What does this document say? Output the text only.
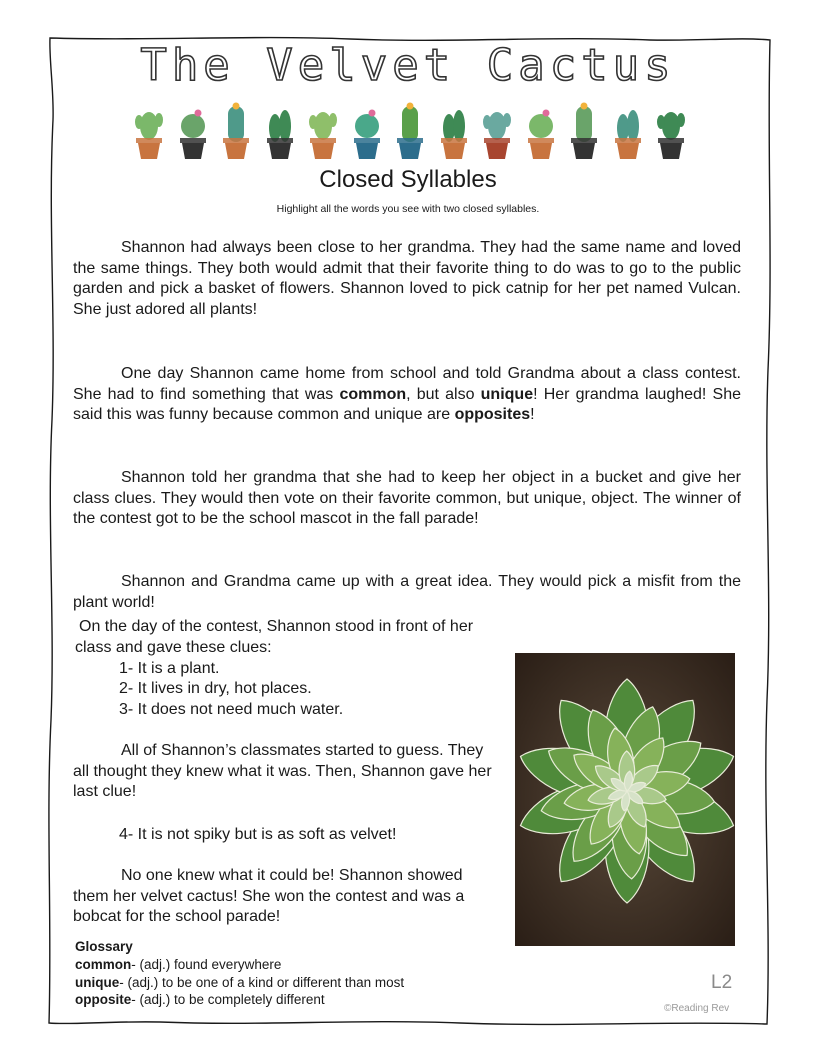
The Velvet Cactus
Closed Syllables
Highlight all the words you see with two closed syllables.

Shannon had always been close to her grandma. They had the same name and loved the same things. They both would admit that their favorite thing to do was to go to the public garden and pick a basket of flowers. Shannon loved to pick catnip for her pet named Vulcan. She just adored all plants!

One day Shannon came home from school and told Grandma about a class contest. She had to find something that was common, but also unique! Her grandma laughed! She said this was funny because common and unique are opposites!

Shannon told her grandma that she had to keep her object in a bucket and give her class clues. They would then vote on their favorite common, but unique, object. The winner of the contest got to be the school mascot in the fall parade!

Shannon and Grandma came up with a great idea. They would pick a misfit from the plant world!

On the day of the contest, Shannon stood in front of her class and gave these clues:

1- It is a plant.

2- It lives in dry, hot places.

3- It does not need much water.

All of Shannon’s classmates started to guess. They all thought they knew what it was. Then, Shannon gave her last clue!

4- It is not spiky but is as soft as velvet!

No one knew what it could be! Shannon showed them her velvet cactus! She won the contest and was a bobcat for the school parade!

Glossary
common- (adj.) found everywhere
unique- (adj.) to be one of a kind or different than most
opposite- (adj.) to be completely different
L2
©Reading Rev
